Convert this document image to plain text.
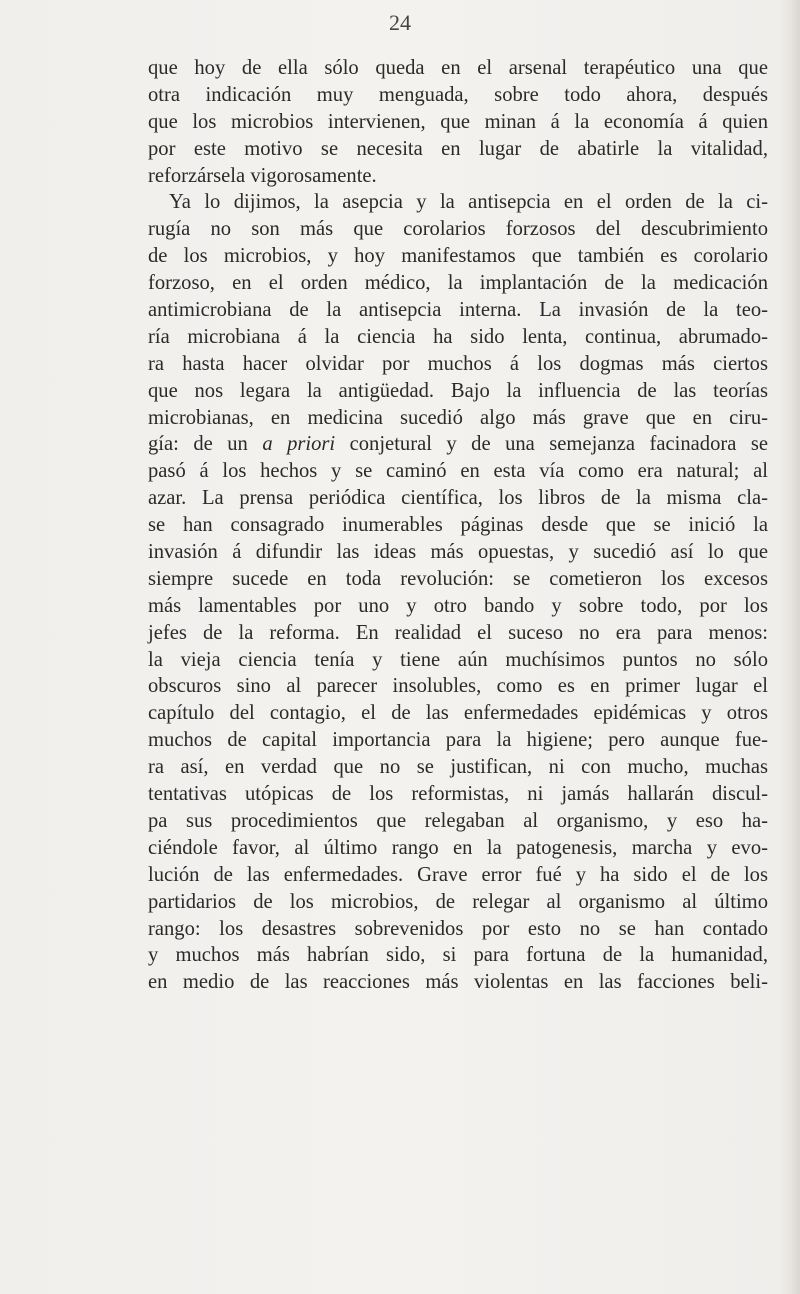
24
que hoy de ella sólo queda en el arsenal terapéutico una que
otra indicación muy menguada, sobre todo ahora, después
que los microbios intervienen, que minan á la economía á quien
por este motivo se necesita en lugar de abatirle la vitalidad,
reforzársela vigorosamente.
Ya lo dijimos, la asepcia y la antisepcia en el orden de la ci-
rugía no son más que corolarios forzosos del descubrimiento
de los microbios, y hoy manifestamos que también es corolario
forzoso, en el orden médico, la implantación de la medicación
antimicrobiana de la antisepcia interna. La invasión de la teo-
ría microbiana á la ciencia ha sido lenta, continua, abrumado-
ra hasta hacer olvidar por muchos á los dogmas más ciertos
que nos legara la antigüedad. Bajo la influencia de las teorías
microbianas, en medicina sucedió algo más grave que en ciru-
gía: de un a priori conjetural y de una semejanza facinadora se
pasó á los hechos y se caminó en esta vía como era natural; al
azar. La prensa periódica científica, los libros de la misma cla-
se han consagrado inumerables páginas desde que se inició la
invasión á difundir las ideas más opuestas, y sucedió así lo que
siempre sucede en toda revolución: se cometieron los excesos
más lamentables por uno y otro bando y sobre todo, por los
jefes de la reforma. En realidad el suceso no era para menos:
la vieja ciencia tenía y tiene aún muchísimos puntos no sólo
obscuros sino al parecer insolubles, como es en primer lugar el
capítulo del contagio, el de las enfermedades epidémicas y otros
muchos de capital importancia para la higiene; pero aunque fue-
ra así, en verdad que no se justifican, ni con mucho, muchas
tentativas utópicas de los reformistas, ni jamás hallarán discul-
pa sus procedimientos que relegaban al organismo, y eso ha-
ciéndole favor, al último rango en la patogenesis, marcha y evo-
lución de las enfermedades. Grave error fué y ha sido el de los
partidarios de los microbios, de relegar al organismo al último
rango: los desastres sobrevenidos por esto no se han contado
y muchos más habrían sido, si para fortuna de la humanidad,
en medio de las reacciones más violentas en las facciones beli-
